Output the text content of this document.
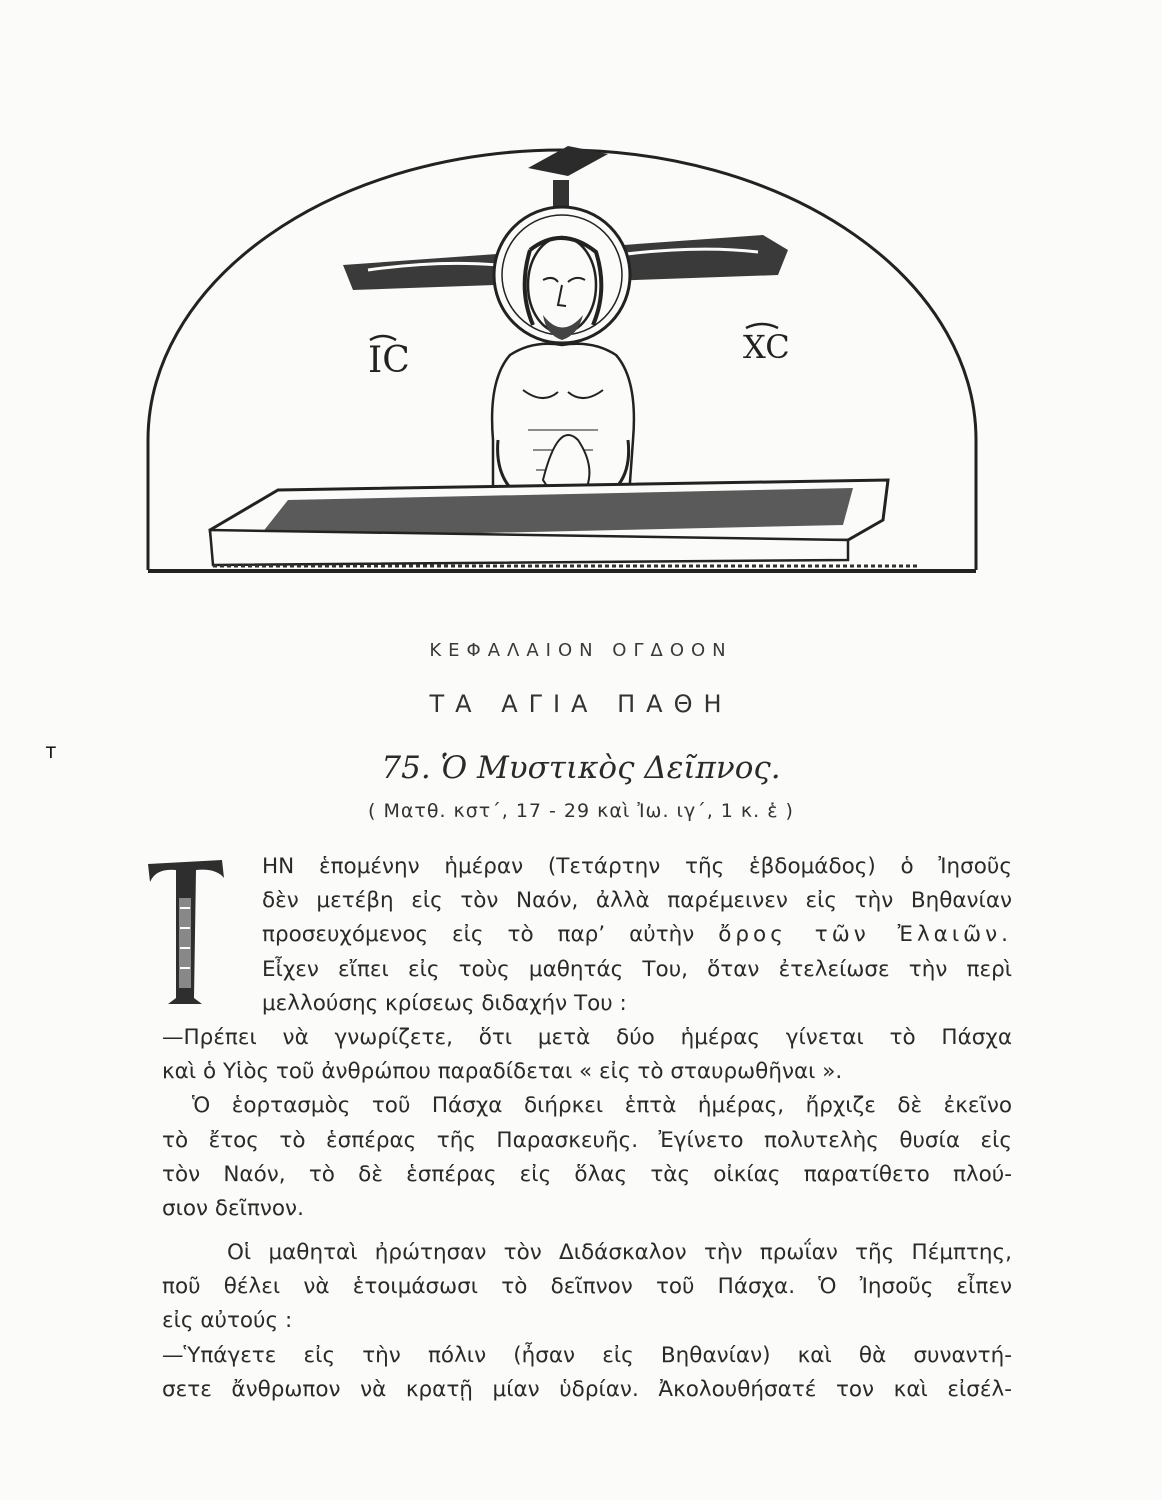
IC	XC
ΚΕΦΑΛΑΙΟΝ ΟΓΔΟΟΝ
ΤΑ ΑΓΙΑ ΠΑΘΗ
75. Ὁ Μυστικὸς Δεῖπνος.
( Ματθ. κστ΄, 17 - 29 καὶ Ἰω. ιγ΄, 1 κ. ἑ )
Τ
ΗΝ ἑπομένην ἡμέραν (Τετάρτην τῆς ἑβδομάδος) ὁ Ἰησοῦς
δὲν μετέβη εἰς τὸν Ναόν, ἀλλὰ παρέμεινεν εἰς τὴν Βηθανίαν
προσευχόμενος εἰς τὸ παρ’ αὐτὴν ὄρος τῶν Ἐλαιῶν.
Εἶχεν εἴπει εἰς τοὺς μαθητάς Του, ὅταν ἐτελείωσε τὴν περὶ
μελλούσης κρίσεως διδαχήν Του :
—Πρέπει νὰ γνωρίζετε, ὅτι μετὰ δύο ἡμέρας γίνεται τὸ Πάσχα
καὶ ὁ Υἱὸς τοῦ ἀνθρώπου παραδίδεται « εἰς τὸ σταυρωθῆναι ».
Ὁ ἑορτασμὸς τοῦ Πάσχα διήρκει ἑπτὰ ἡμέρας, ἤρχιζε δὲ ἐκεῖνο
τὸ ἔτος τὸ ἑσπέρας τῆς Παρασκευῆς. Ἐγίνετο πολυτελὴς θυσία εἰς
τὸν Ναόν, τὸ δὲ ἑσπέρας εἰς ὅλας τὰς οἰκίας παρατίθετο πλού-
σιον δεῖπνον.
Οἱ μαθηταὶ ἠρώτησαν τὸν Διδάσκαλον τὴν πρωΐαν τῆς Πέμπτης,
ποῦ θέλει νὰ ἑτοιμάσωσι τὸ δεῖπνον τοῦ Πάσχα. Ὁ Ἰησοῦς εἶπεν
εἰς αὐτούς :
—Ὑπάγετε εἰς τὴν πόλιν (ἦσαν εἰς Βηθανίαν) καὶ θὰ συναντή-
σετε ἄνθρωπον νὰ κρατῇ μίαν ὑδρίαν. Ἀκολουθήσατέ τον καὶ εἰσέλ-
